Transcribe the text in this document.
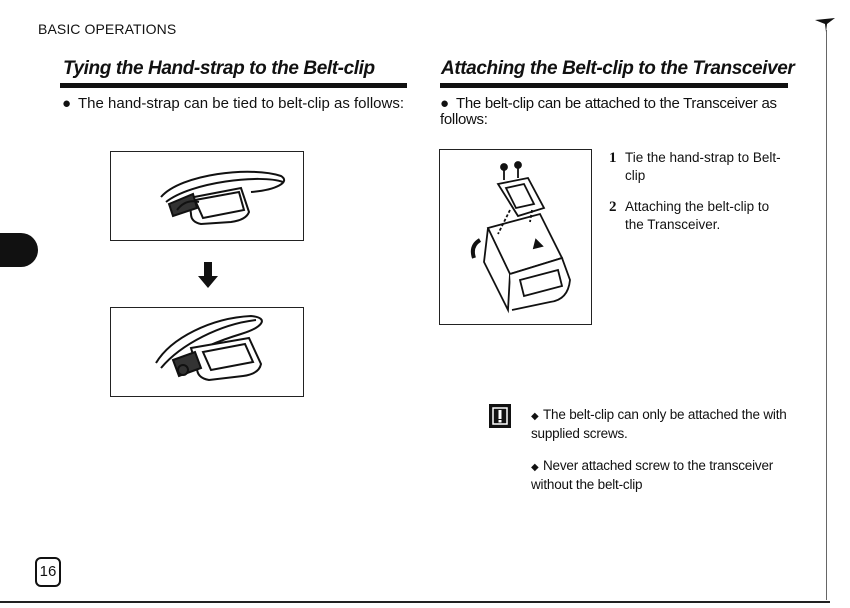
BASIC OPERATIONS
Tying the Hand-strap to the Belt-clip
● The hand-strap can be tied to belt-clip as follows:
Attaching the Belt-clip to the Transceiver
● The belt-clip can be attached to the Transceiver as follows:
1 Tie the hand-strap to Belt-clip
2 Attaching the belt-clip to the Transceiver.
◆ The belt-clip can only be attached the with supplied screws.
◆ Never attached screw to the transceiver without the belt-clip
16
